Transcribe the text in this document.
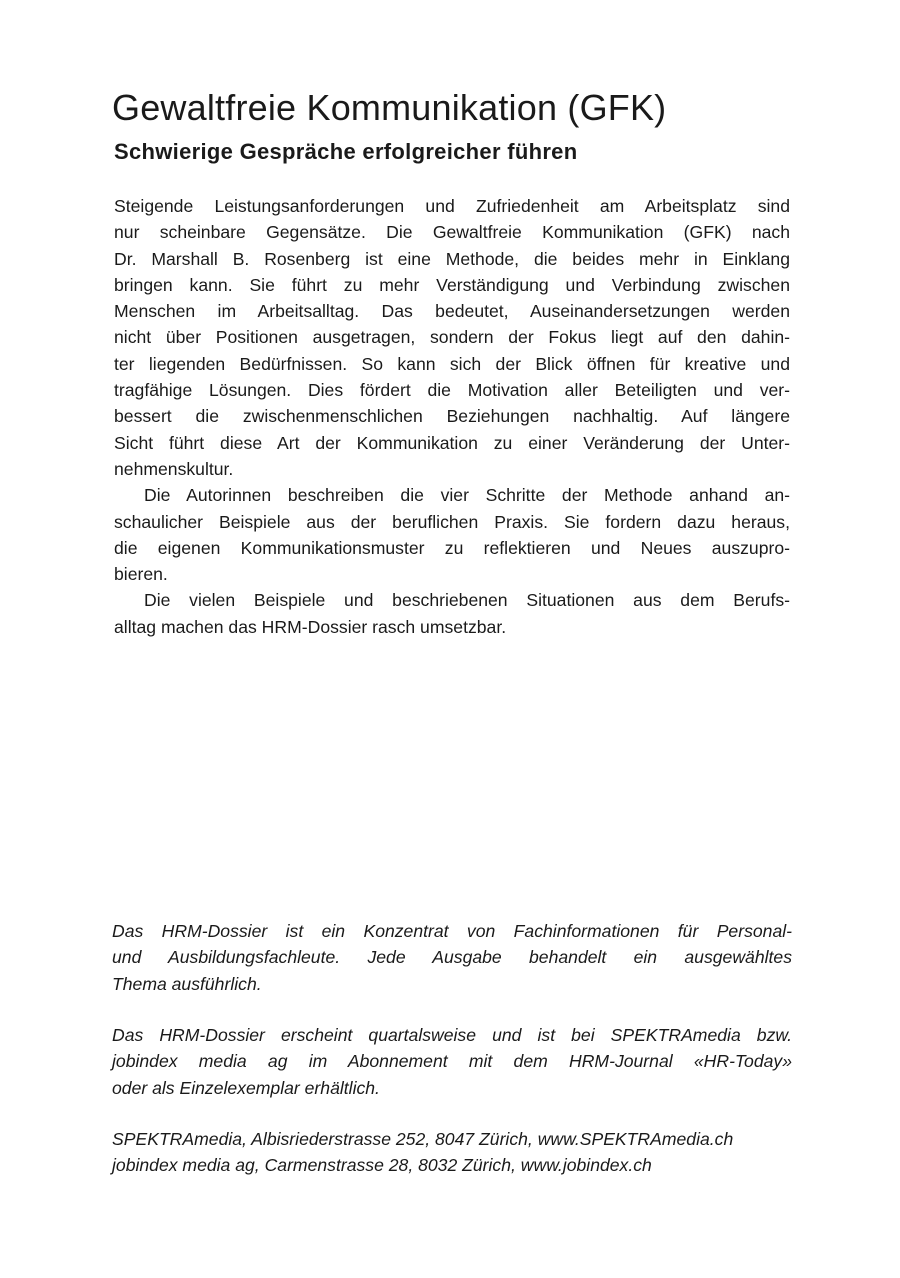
Gewaltfreie Kommunikation (GFK)
Schwierige Gespräche erfolgreicher führen
Steigende Leistungsanforderungen und Zufriedenheit am Arbeitsplatz sind
nur scheinbare Gegensätze. Die Gewaltfreie Kommunikation (GFK) nach
Dr. Marshall B. Rosenberg ist eine Methode, die beides mehr in Einklang
bringen kann. Sie führt zu mehr Verständigung und Verbindung zwischen
Menschen im Arbeitsalltag. Das bedeutet, Auseinandersetzungen werden
nicht über Positionen ausgetragen, sondern der Fokus liegt auf den dahin-
ter liegenden Bedürfnissen. So kann sich der Blick öffnen für kreative und
tragfähige Lösungen. Dies fördert die Motivation aller Beteiligten und ver-
bessert die zwischenmenschlichen Beziehungen nachhaltig. Auf längere
Sicht führt diese Art der Kommunikation zu einer Veränderung der Unter-
nehmenskultur.
Die Autorinnen beschreiben die vier Schritte der Methode anhand an-
schaulicher Beispiele aus der beruflichen Praxis. Sie fordern dazu heraus,
die eigenen Kommunikationsmuster zu reflektieren und Neues auszupro-
bieren.
Die vielen Beispiele und beschriebenen Situationen aus dem Berufs-
alltag machen das HRM-Dossier rasch umsetzbar.
Das HRM-Dossier ist ein Konzentrat von Fachinformationen für Personal-
und Ausbildungsfachleute. Jede Ausgabe behandelt ein ausgewähltes
Thema ausführlich.
Das HRM-Dossier erscheint quartalsweise und ist bei SPEKTRAmedia bzw.
jobindex media ag im Abonnement mit dem HRM-Journal «HR-Today»
oder als Einzelexemplar erhältlich.
SPEKTRAmedia, Albisriederstrasse 252, 8047 Zürich, www.SPEKTRAmedia.ch
jobindex media ag, Carmenstrasse 28, 8032 Zürich, www.jobindex.ch
